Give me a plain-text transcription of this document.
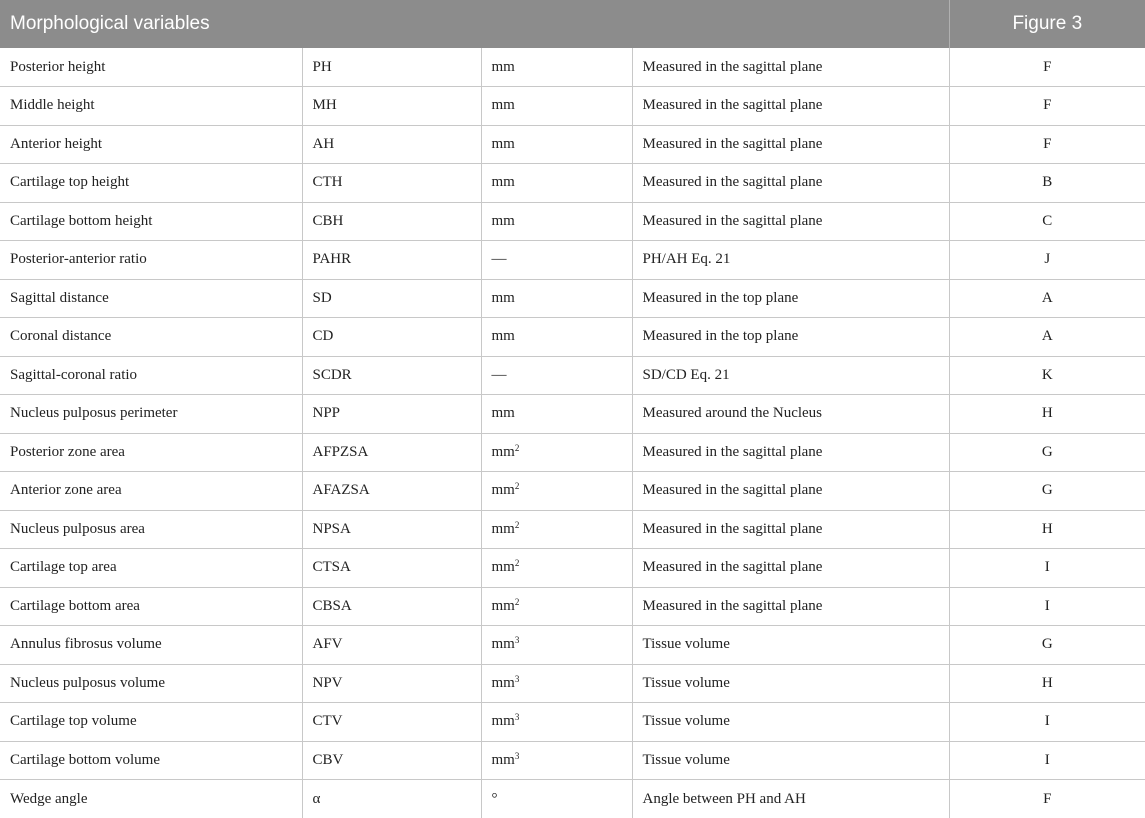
Morphological variables				Figure 3
Posterior height	PH	mm	Measured in the sagittal plane	F
Middle height	MH	mm	Measured in the sagittal plane	F
Anterior height	AH	mm	Measured in the sagittal plane	F
Cartilage top height	CTH	mm	Measured in the sagittal plane	B
Cartilage bottom height	CBH	mm	Measured in the sagittal plane	C
Posterior-anterior ratio	PAHR	—	PH/AH Eq. 21	J
Sagittal distance	SD	mm	Measured in the top plane	A
Coronal distance	CD	mm	Measured in the top plane	A
Sagittal-coronal ratio	SCDR	—	SD/CD Eq. 21	K
Nucleus pulposus perimeter	NPP	mm	Measured around the Nucleus	H
Posterior zone area	AFPZSA	$mm^2$	Measured in the sagittal plane	G
Anterior zone area	AFAZSA	$mm^2$	Measured in the sagittal plane	G
Nucleus pulposus area	NPSA	$mm^2$	Measured in the sagittal plane	H
Cartilage top area	CTSA	$mm^2$	Measured in the sagittal plane	I
Cartilage bottom area	CBSA	$mm^2$	Measured in the sagittal plane	I
Annulus fibrosus volume	AFV	$mm^3$	Tissue volume	G
Nucleus pulposus volume	NPV	$mm^3$	Tissue volume	H
Cartilage top volume	CTV	$mm^3$	Tissue volume	I
Cartilage bottom volume	CBV	$mm^3$	Tissue volume	I
Wedge angle	α	°	Angle between PH and AH	F
